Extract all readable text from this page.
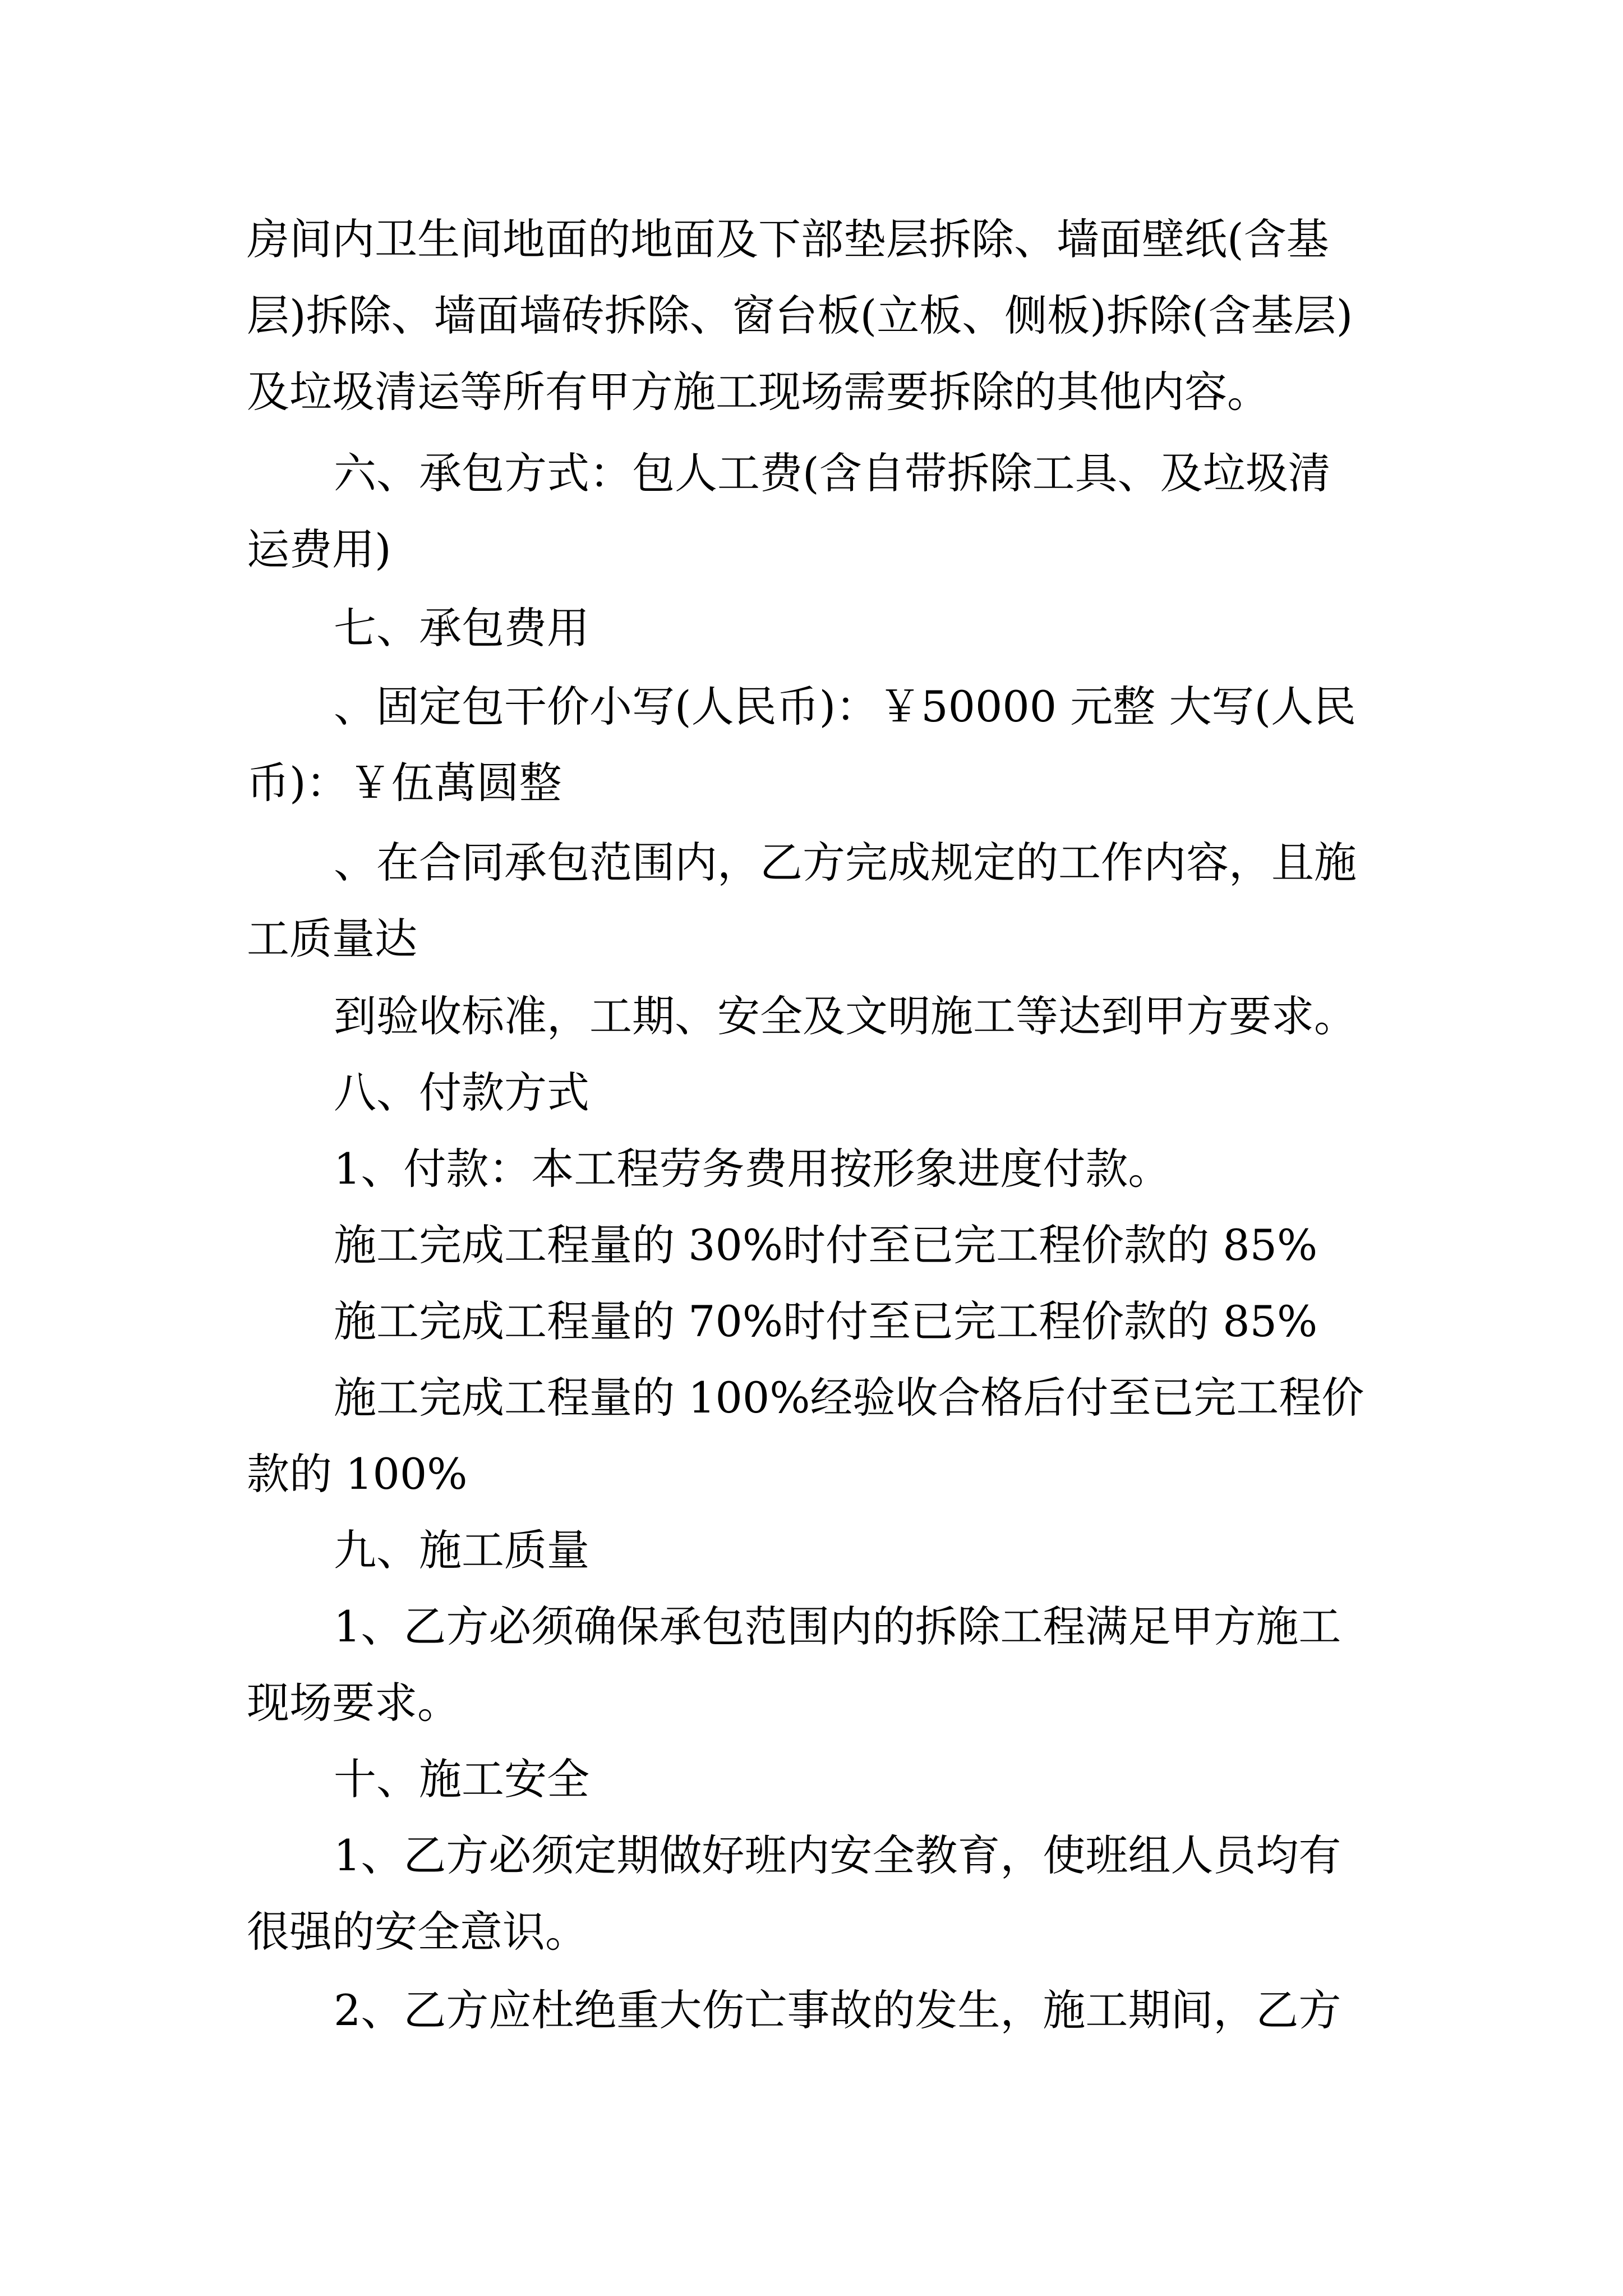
房间内卫生间地面的地面及下部垫层拆除、墙面壁纸(含基
层)拆除、墙面墙砖拆除、窗台板(立板、侧板)拆除(含基层)
及垃圾清运等所有甲方施工现场需要拆除的其他内容。
六、承包方式：包人工费(含自带拆除工具、及垃圾清
运费用)
七、承包费用
、固定包干价小写(人民币)：￥50000 元整 大写(人民
币)：￥伍萬圆整
、在合同承包范围内，乙方完成规定的工作内容，且施
工质量达
到验收标准，工期、安全及文明施工等达到甲方要求。
八、付款方式
1、付款：本工程劳务费用按形象进度付款。
施工完成工程量的 30%时付至已完工程价款的 85%
施工完成工程量的 70%时付至已完工程价款的 85%
施工完成工程量的 100%经验收合格后付至已完工程价
款的 100%
九、施工质量
1、乙方必须确保承包范围内的拆除工程满足甲方施工
现场要求。
十、施工安全
1、乙方必须定期做好班内安全教育，使班组人员均有
很强的安全意识。
2、乙方应杜绝重大伤亡事故的发生，施工期间，乙方
